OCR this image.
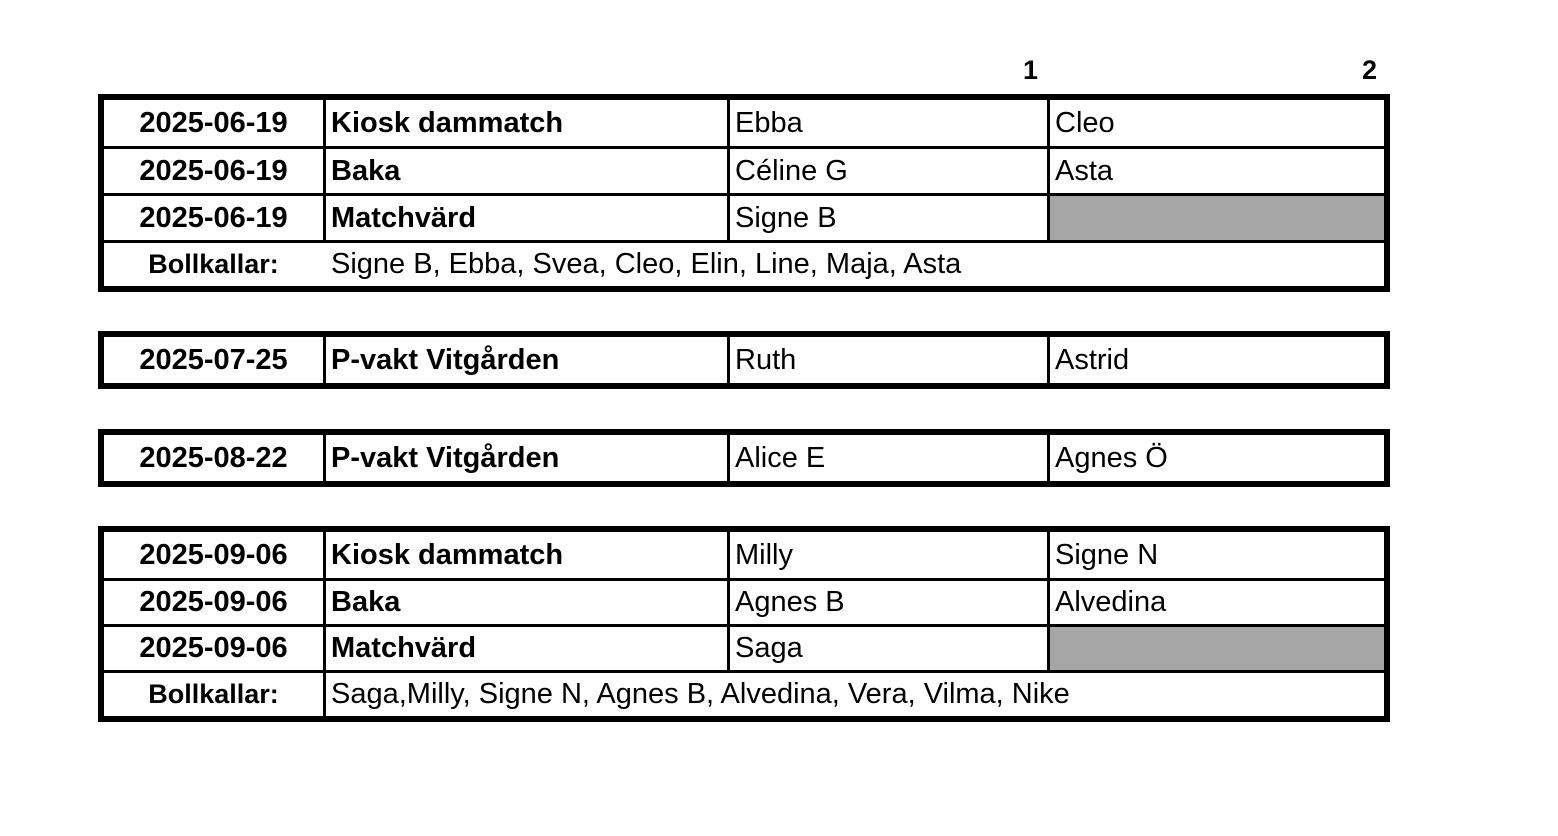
1	2
2025-06-19	Kiosk dammatch	Ebba	Cleo
2025-06-19	Baka	Céline G	Asta
2025-06-19	Matchvärd	Signe B
Bollkallar:	Signe B, Ebba, Svea, Cleo, Elin, Line, Maja, Asta
2025-07-25	P-vakt Vitgården	Ruth	Astrid
2025-08-22	P-vakt Vitgården	Alice E	Agnes Ö
2025-09-06	Kiosk dammatch	Milly	Signe N
2025-09-06	Baka	Agnes B	Alvedina
2025-09-06	Matchvärd	Saga
Bollkallar:	Saga,Milly, Signe N, Agnes B, Alvedina, Vera, Vilma, Nike
